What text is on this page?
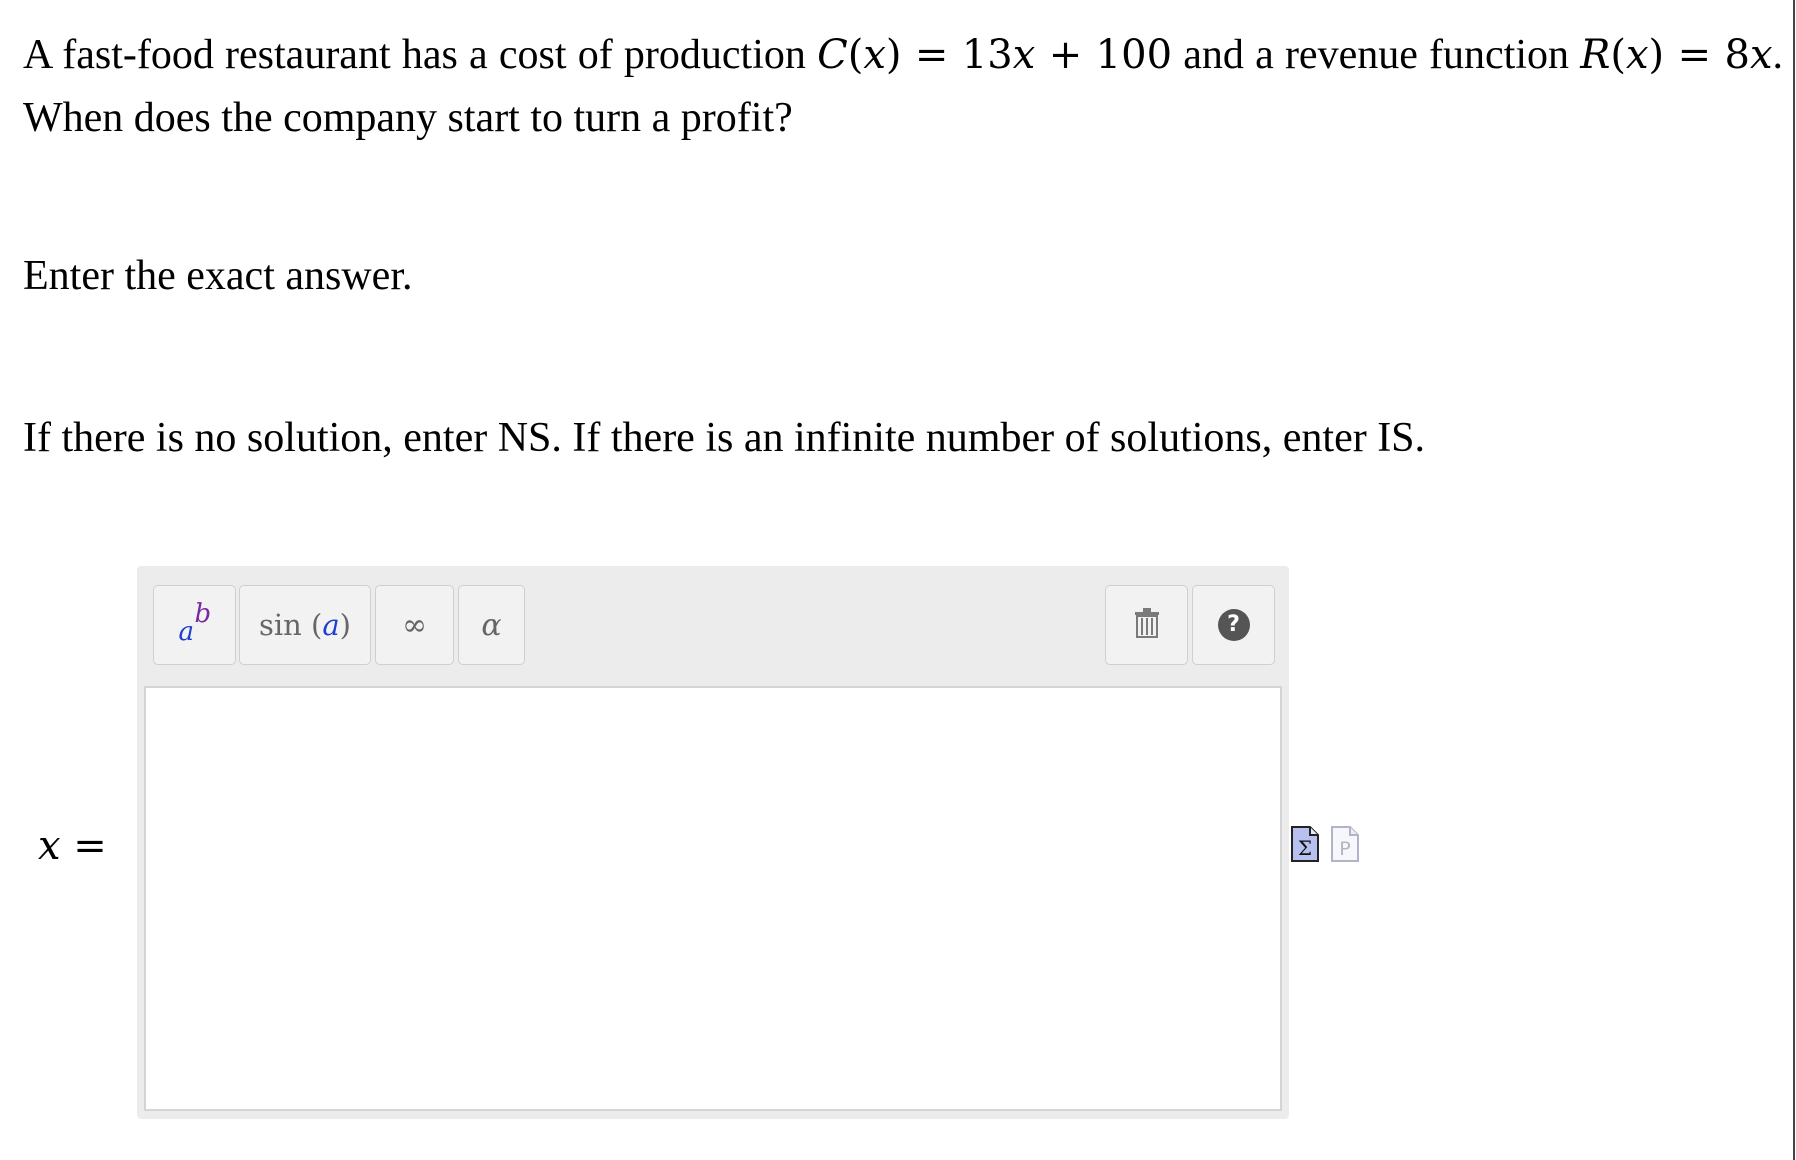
A fast-food restaurant has a cost of production C(x) = 13x + 100 and a revenue function R(x) = 8x. When does the company start to turn a profit?
Enter the exact answer.
If there is no solution, enter NS. If there is an infinite number of solutions, enter IS.
x =
a
b sin ( a )	∞ α	?
Σ P
